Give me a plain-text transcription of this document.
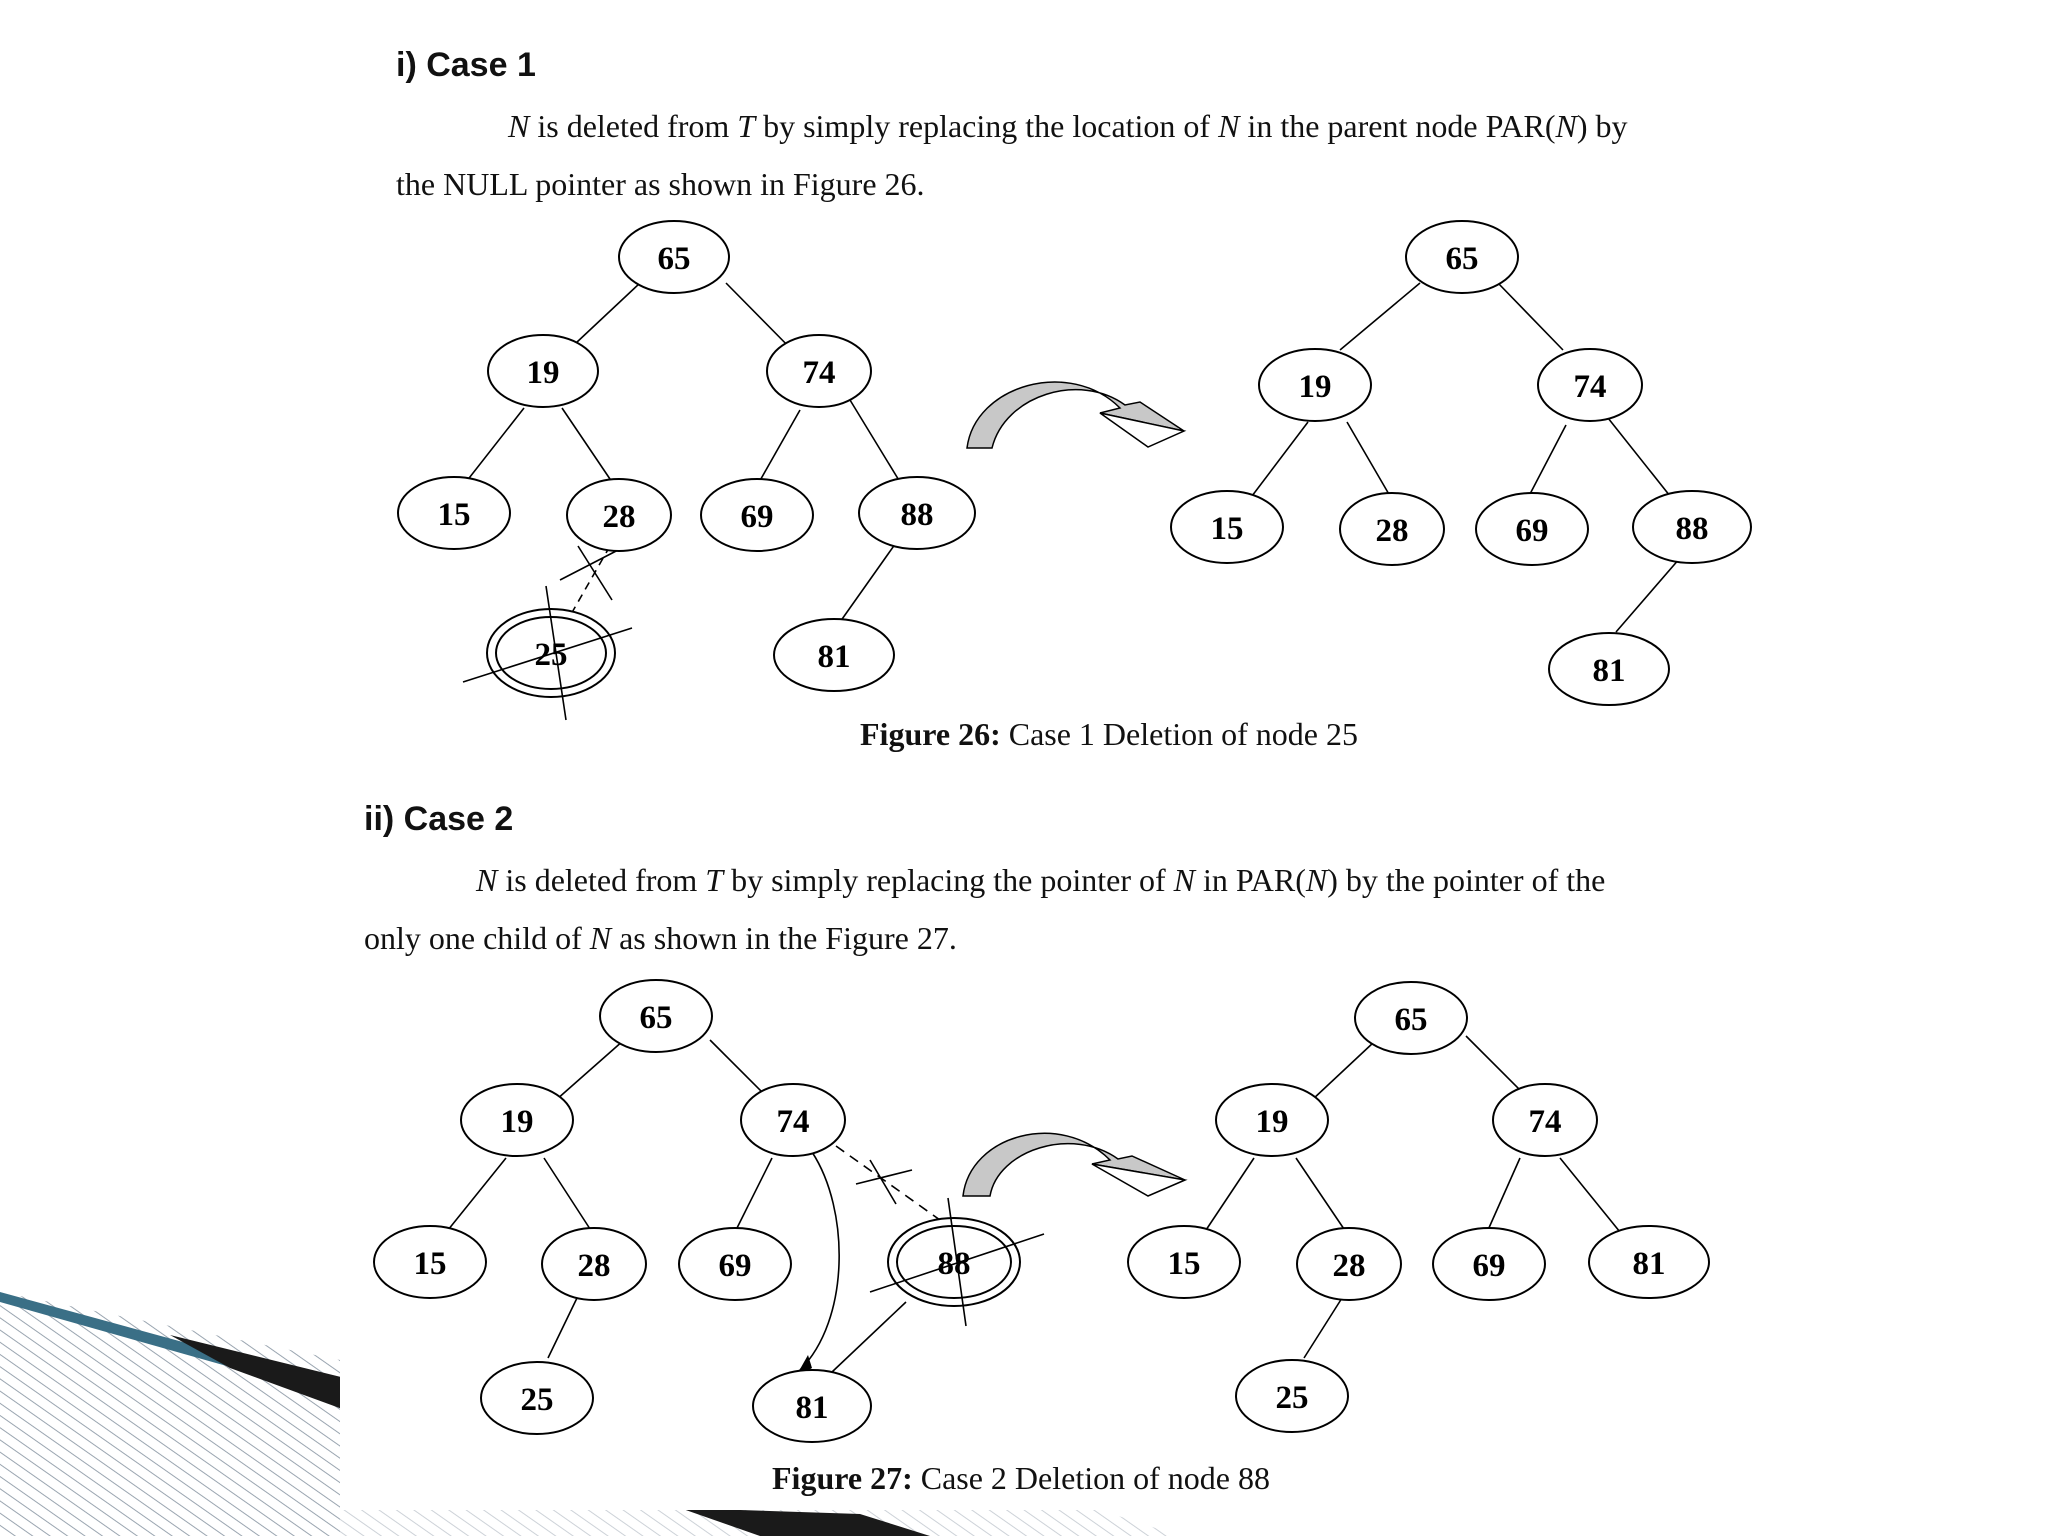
i) Case 1
N is deleted from T by simply replacing the location of N in the parent node PAR(N) by
the NULL pointer as shown in Figure 26.
ii) Case 2
N is deleted from T by simply replacing the pointer of N in PAR(N) by the pointer of the
only one child of N as shown in the Figure 27.
Figure 26: Case 1 Deletion of node 25
Figure 27: Case 2 Deletion of node 88
65
19	74
15	28	69	88
25	81
65
19	74
15	28	69	88
81
65
19	74
15	28	69	88
25	81
65
19	74
15	28	69	81
25
